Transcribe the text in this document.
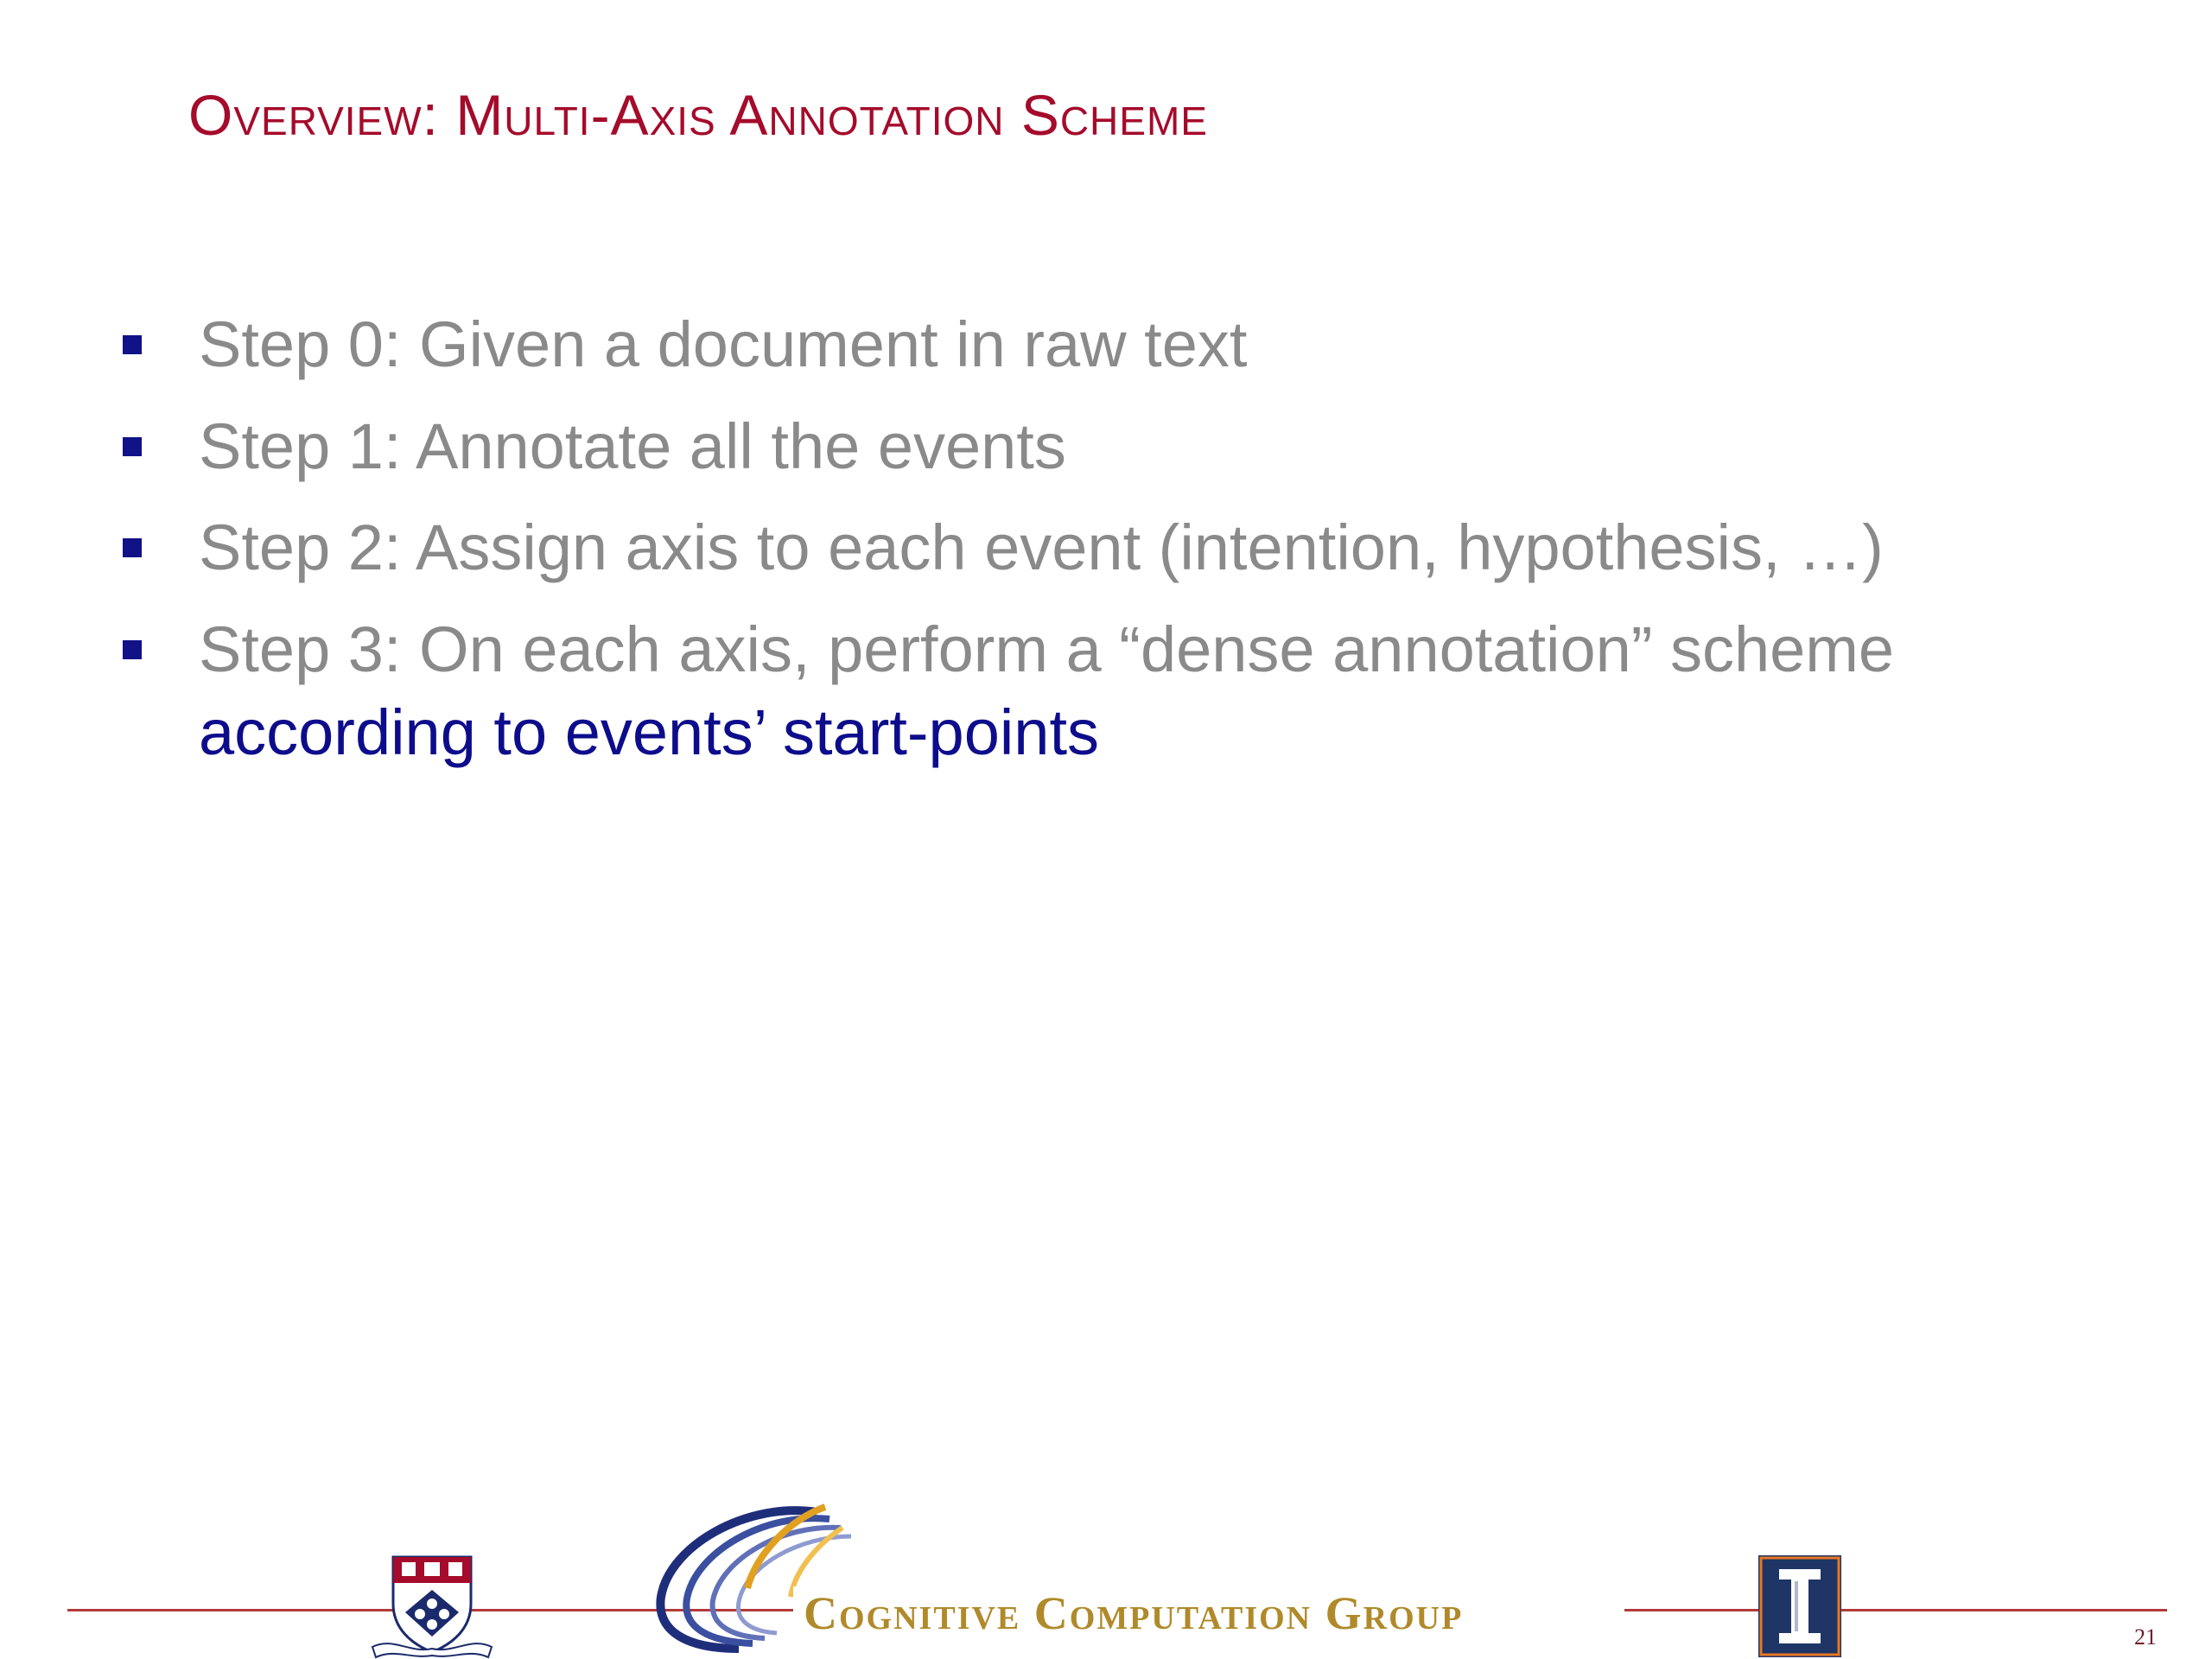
Overview: Multi-Axis Annotation Scheme
Step 0: Given a document in raw text
Step 1: Annotate all the events
Step 2: Assign axis to each event (intention, hypothesis, …)
Step 3: On each axis, perform a “dense annotation” scheme
according to events’ start-points
Cognitive Computation Group	21
